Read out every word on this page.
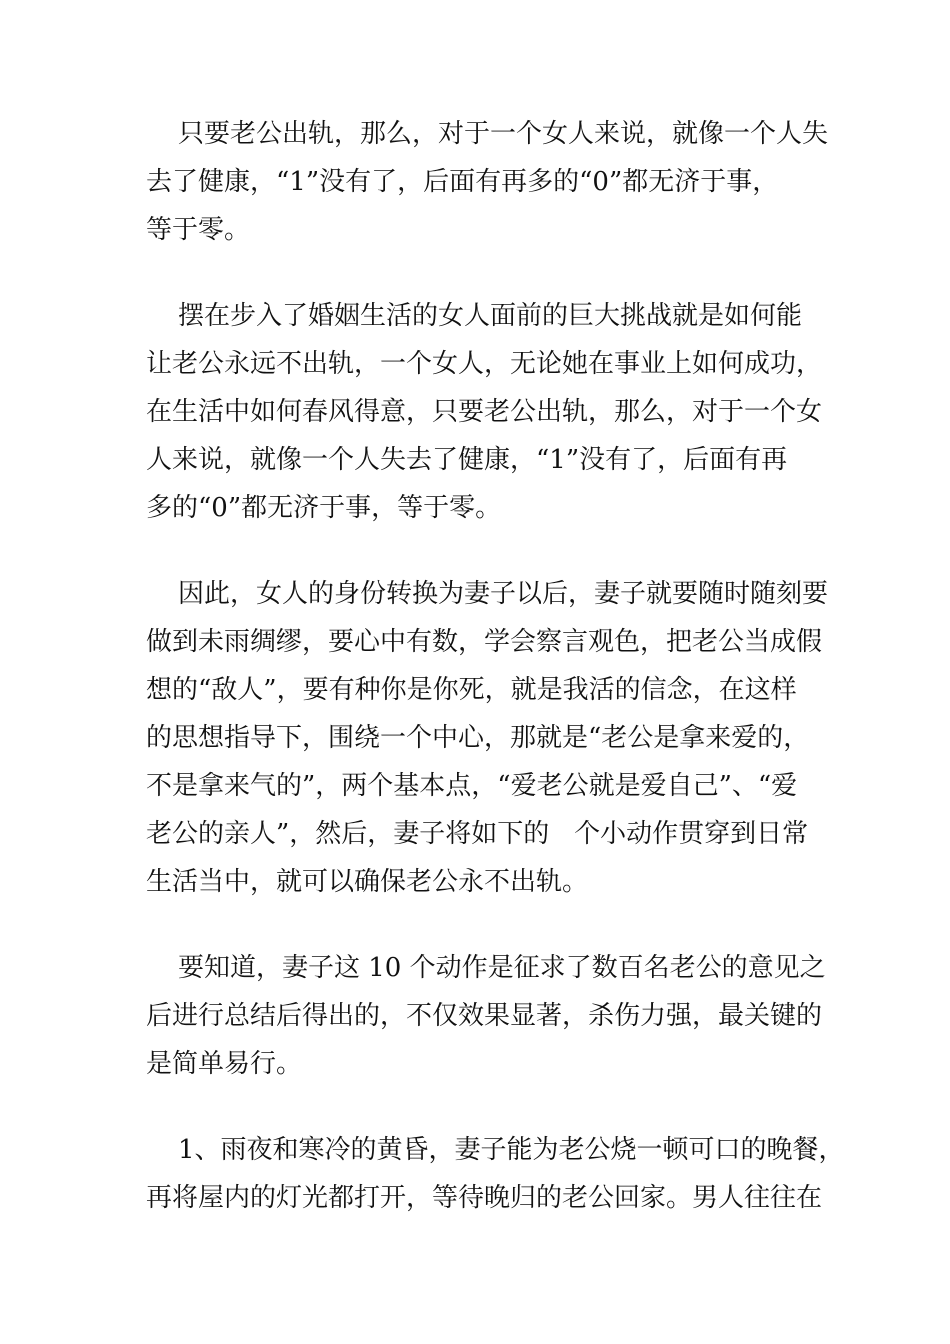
只要老公出轨，那么，对于一个女人来说，就像一个人失
去了健康，“1”没有了，后面有再多的“0”都无济于事，
等于零。
摆在步入了婚姻生活的女人面前的巨大挑战就是如何能
让老公永远不出轨，一个女人，无论她在事业上如何成功，
在生活中如何春风得意，只要老公出轨，那么，对于一个女
人来说，就像一个人失去了健康，“1”没有了，后面有再
多的“0”都无济于事，等于零。
因此，女人的身份转换为妻子以后，妻子就要随时随刻要
做到未雨绸缪，要心中有数，学会察言观色，把老公当成假
想的“敌人”，要有种你是你死，就是我活的信念，在这样
的思想指导下，围绕一个中心，那就是“老公是拿来爱的，
不是拿来气的”，两个基本点，“爱老公就是爱自己”、“爱
老公的亲人”，然后，妻子将如下的   个小动作贯穿到日常
生活当中，就可以确保老公永不出轨。
要知道，妻子这 10 个动作是征求了数百名老公的意见之
后进行总结后得出的，不仅效果显著，杀伤力强，最关键的
是简单易行。
1、雨夜和寒冷的黄昏，妻子能为老公烧一顿可口的晚餐，
再将屋内的灯光都打开，等待晚归的老公回家。男人往往在
